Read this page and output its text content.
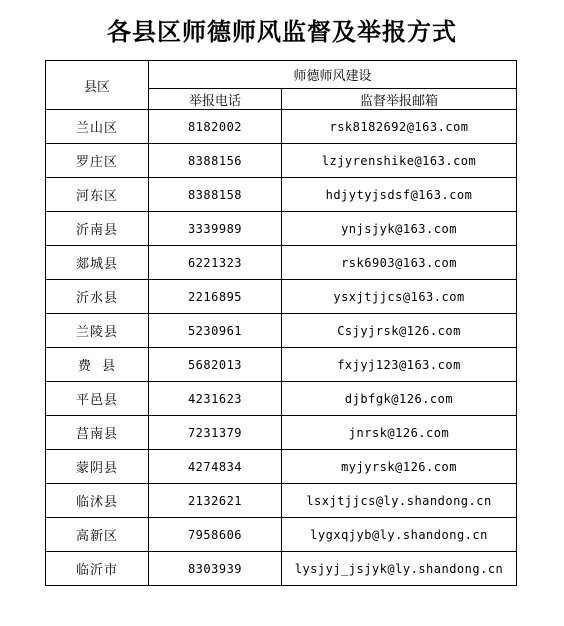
各县区师德师风监督及举报方式
县区	师德师风建设	
	举报电话	监督举报邮箱
兰山区	8182002	rsk8182692@163.com
罗庄区	8388156	lzjyrenshike@163.com
河东区	8388158	hdjytyjsdsf@163.com
沂南县	3339989	ynjsjyk@163.com
郯城县	6221323	rsk6903@163.com
沂水县	2216895	ysxjtjjcs@163.com
兰陵县	5230961	Csjyjrsk@126.com
费  县	5682013	fxjyj123@163.com
平邑县	4231623	djbfgk@126.com
莒南县	7231379	jnrsk@126.com
蒙阴县	4274834	myjyrsk@126.com
临沭县	2132621	lsxjtjjcs@ly.shandong.cn
高新区	7958606	lygxqjyb@ly.shandong.cn
临沂市	8303939	lysjyj_jsjyk@ly.shandong.cn
